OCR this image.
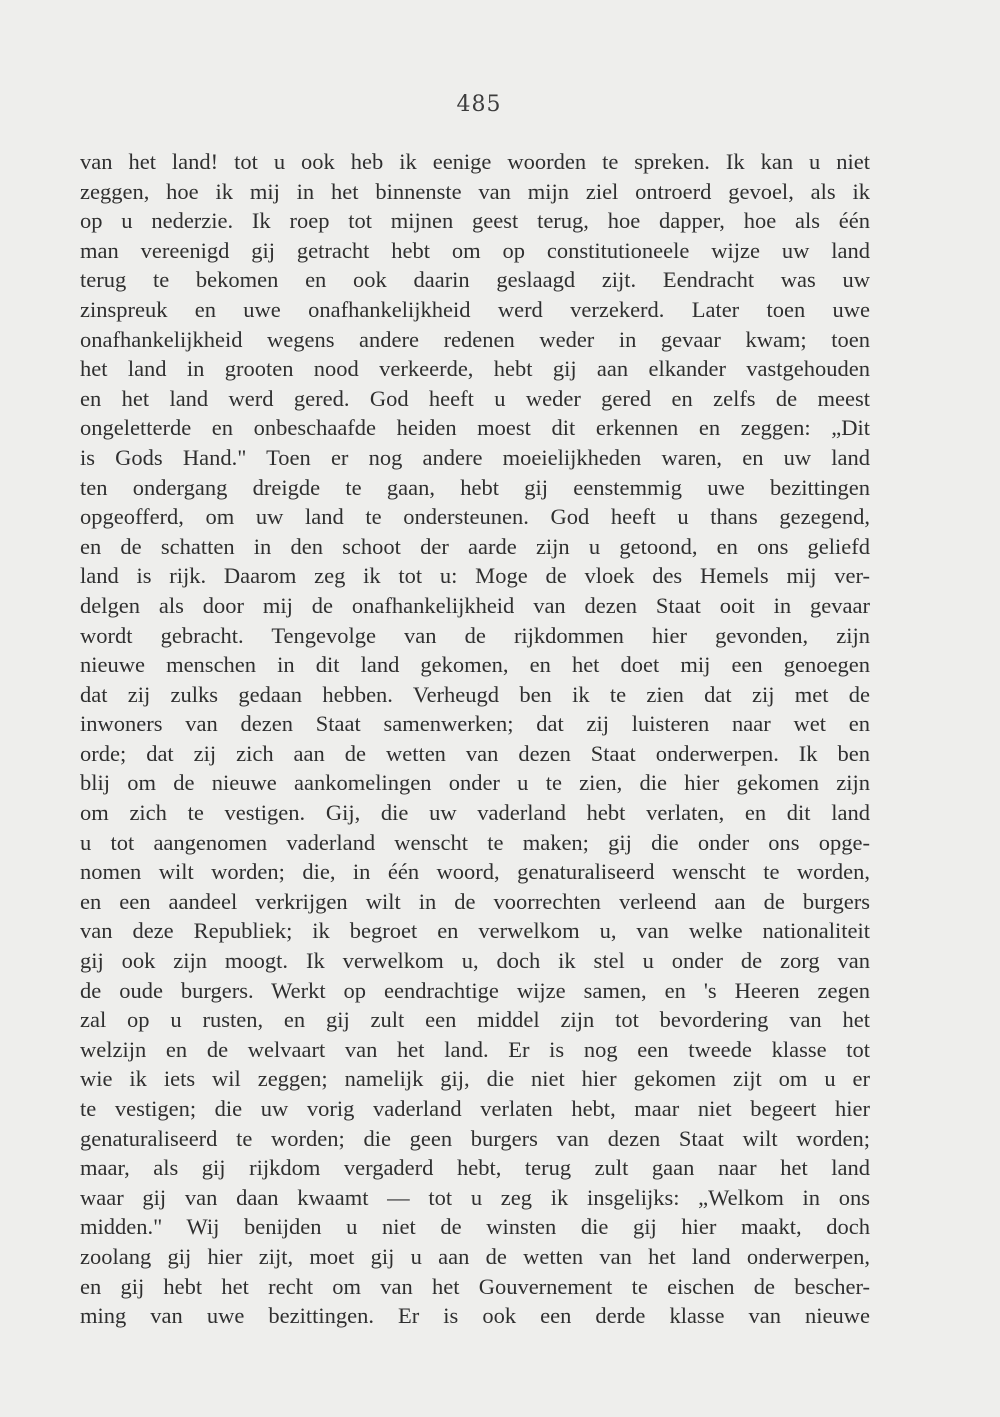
485
van het land! tot u ook heb ik eenige woorden te spreken. Ik kan u niet
zeggen, hoe ik mij in het binnenste van mijn ziel ontroerd gevoel, als ik
op u nederzie. Ik roep tot mijnen geest terug, hoe dapper, hoe als één
man vereenigd gij getracht hebt om op constitutioneele wijze uw land
terug te bekomen en ook daarin geslaagd zijt. Eendracht was uw
zinspreuk en uwe onafhankelijkheid werd verzekerd. Later toen uwe
onafhankelijkheid wegens andere redenen weder in gevaar kwam; toen
het land in grooten nood verkeerde, hebt gij aan elkander vastgehouden
en het land werd gered. God heeft u weder gered en zelfs de meest
ongeletterde en onbeschaafde heiden moest dit erkennen en zeggen: „Dit
is Gods Hand." Toen er nog andere moeielijkheden waren, en uw land
ten ondergang dreigde te gaan, hebt gij eenstemmig uwe bezittingen
opgeofferd, om uw land te ondersteunen. God heeft u thans gezegend,
en de schatten in den schoot der aarde zijn u getoond, en ons geliefd
land is rijk. Daarom zeg ik tot u: Moge de vloek des Hemels mij ver-
delgen als door mij de onafhankelijkheid van dezen Staat ooit in gevaar
wordt gebracht. Tengevolge van de rijkdommen hier gevonden, zijn
nieuwe menschen in dit land gekomen, en het doet mij een genoegen
dat zij zulks gedaan hebben. Verheugd ben ik te zien dat zij met de
inwoners van dezen Staat samenwerken; dat zij luisteren naar wet en
orde; dat zij zich aan de wetten van dezen Staat onderwerpen. Ik ben
blij om de nieuwe aankomelingen onder u te zien, die hier gekomen zijn
om zich te vestigen. Gij, die uw vaderland hebt verlaten, en dit land
u tot aangenomen vaderland wenscht te maken; gij die onder ons opge-
nomen wilt worden; die, in één woord, genaturaliseerd wenscht te worden,
en een aandeel verkrijgen wilt in de voorrechten verleend aan de burgers
van deze Republiek; ik begroet en verwelkom u, van welke nationaliteit
gij ook zijn moogt. Ik verwelkom u, doch ik stel u onder de zorg van
de oude burgers. Werkt op eendrachtige wijze samen, en 's Heeren zegen
zal op u rusten, en gij zult een middel zijn tot bevordering van het
welzijn en de welvaart van het land. Er is nog een tweede klasse tot
wie ik iets wil zeggen; namelijk gij, die niet hier gekomen zijt om u er
te vestigen; die uw vorig vaderland verlaten hebt, maar niet begeert hier
genaturaliseerd te worden; die geen burgers van dezen Staat wilt worden;
maar, als gij rijkdom vergaderd hebt, terug zult gaan naar het land
waar gij van daan kwaamt — tot u zeg ik insgelijks: „Welkom in ons
midden." Wij benijden u niet de winsten die gij hier maakt, doch
zoolang gij hier zijt, moet gij u aan de wetten van het land onderwerpen,
en gij hebt het recht om van het Gouvernement te eischen de bescher-
ming van uwe bezittingen. Er is ook een derde klasse van nieuwe
